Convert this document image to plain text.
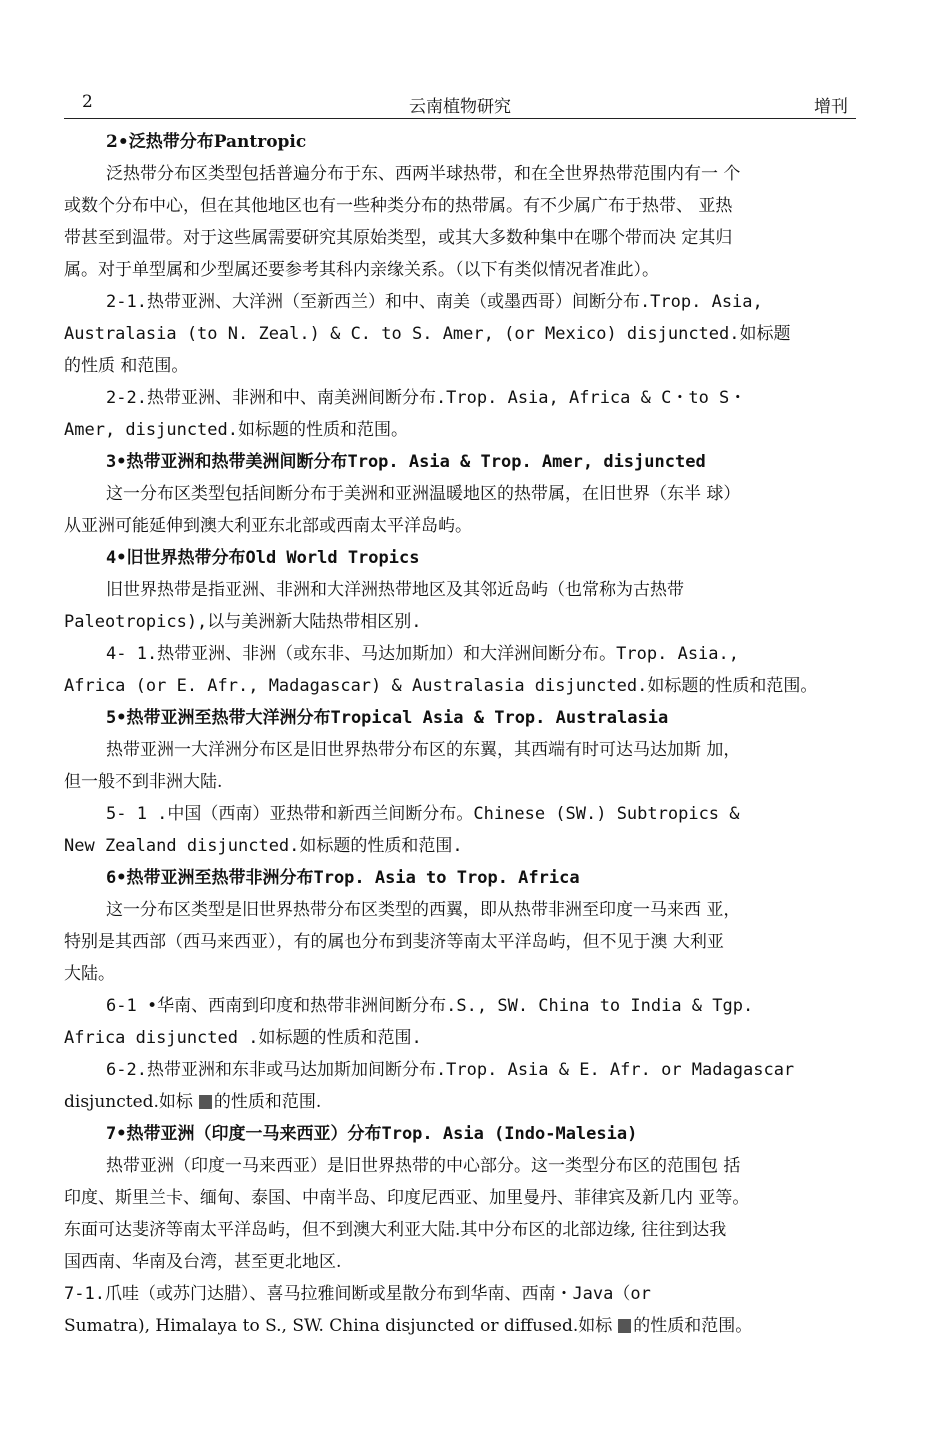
2	云南植物研究	增刊
2•泛热带分布Pantropic
泛热带分布区类型包括普遍分布于东、西两半球热带，和在全世界热带范围内有一 个
或数个分布中心，但在其他地区也有一些种类分布的热带属。有不少属广布于热带、 亚热
带甚至到温带。对于这些属需要研究其原始类型，或其大多数种集中在哪个带而决 定其归
属。对于单型属和少型属还要参考其科内亲缘关系。（以下有类似情况者准此）。
2-1.热带亚洲、大洋洲（至新西兰）和中、南美（或墨西哥）间断分布.Trop. Asia,
Australasia (to N. Zeal.) & C. to S. Amer, (or Mexico) disjuncted.如标题
的性质 和范围。
2-2.热带亚洲、非洲和中、南美洲间断分布.Trop. Asia, Africa & C・to S・
Amer, disjuncted.如标题的性质和范围。
3•热带亚洲和热带美洲间断分布Trop. Asia & Trop. Amer, disjuncted
这一分布区类型包括间断分布于美洲和亚洲温暖地区的热带属，在旧世界（东半 球）
从亚洲可能延伸到澳大利亚东北部或西南太平洋岛屿。
4•旧世界热带分布Old World Tropics
旧世界热带是指亚洲、非洲和大洋洲热带地区及其邻近岛屿（也常称为古热带
Paleotropics),以与美洲新大陆热带相区别.
4- 1.热带亚洲、非洲（或东非、马达加斯加）和大洋洲间断分布。Trop. Asia.,
Africa (or E. Afr., Madagascar) & Australasia disjuncted.如标题的性质和范围。
5•热带亚洲至热带大洋洲分布Tropical Asia & Trop. Australasia
热带亚洲一大洋洲分布区是旧世界热带分布区的东翼，其西端有时可达马达加斯 加，
但一般不到非洲大陆.
5- 1 .中国（西南）亚热带和新西兰间断分布。Chinese (SW.) Subtropics &
New Zealand disjuncted.如标题的性质和范围.
6•热带亚洲至热带非洲分布Trop. Asia to Trop. Africa
这一分布区类型是旧世界热带分布区类型的西翼，即从热带非洲至印度一马来西 亚，
特别是其西部（西马来西亚），有的属也分布到斐济等南太平洋岛屿，但不见于澳 大利亚
大陆。
6-1 •华南、西南到印度和热带非洲间断分布.S., SW. China to India & Tgp.
Africa disjuncted .如标题的性质和范围.
6-2.热带亚洲和东非或马达加斯加间断分布.Trop. Asia & E. Afr. or Madagascar
disjuncted.如标 的性质和范围.
7•热带亚洲（印度一马来西亚）分布Trop. Asia (Indo-Malesia)
热带亚洲（印度一马来西亚）是旧世界热带的中心部分。这一类型分布区的范围包 括
印度、斯里兰卡、缅甸、泰国、中南半岛、印度尼西亚、加里曼丹、菲律宾及新几内 亚等。
东面可达斐济等南太平洋岛屿，但不到澳大利亚大陆.其中分布区的北部边缘, 往往到达我
国西南、华南及台湾，甚至更北地区.
7-1.爪哇（或苏门达腊）、喜马拉雅间断或星散分布到华南、西南・Java（or
Sumatra), Himalaya to S., SW. China disjuncted or diffused.如标 的性质和范围。
